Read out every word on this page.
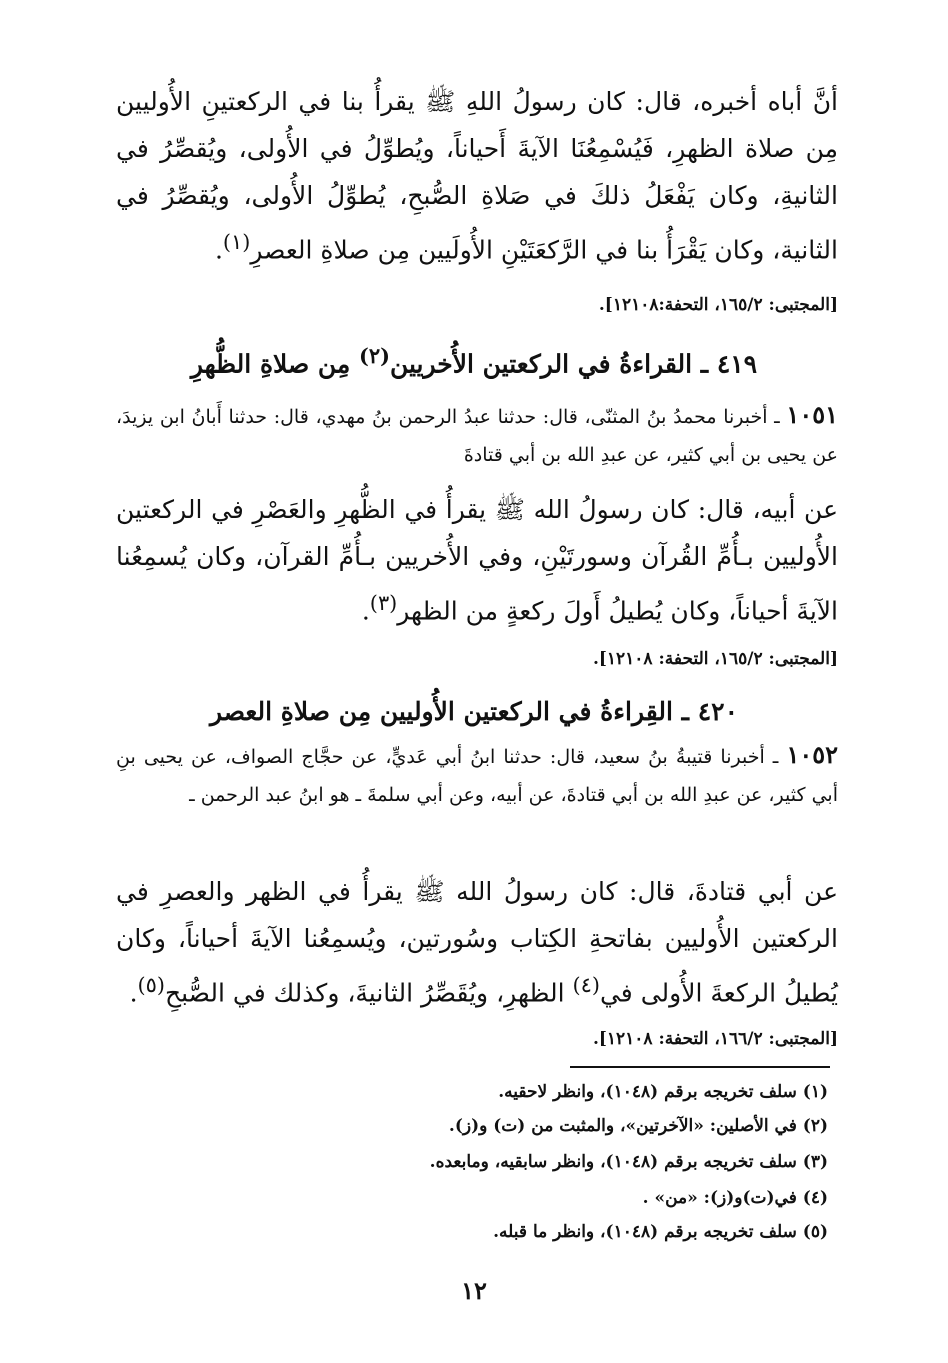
أنَّ أباه أخبره، قال: كان رسولُ اللهِ ﷺ يقرأُ بنا في الركعتينِ الأُوليين مِن صلاة الظهرِ، فَيُسْمِعُنَا الآيةَ أَحياناً، ويُطوِّلُ في الأُولى، ويُقصِّرُ في الثانيةِ، وكان يَفْعَلُ ذلكَ في صَلاةِ الصُّبحِ، يُطوِّلُ الأُولى، ويُقصِّرُ في الثانية، وكان يَقْرَأُ بنا في الرَّكعَتَيْنِ الأُولَيين مِن صلاةِ العصرِ$^{(١)}$.
[المجتبى: ١٦٥/٢، التحفة:١٢١٠٨].
٤١٩ ـ القراءةُ في الركعتين الأُخريين$^{(٢)}$ مِن صلاةِ الظُّهرِ
١٠٥١ ـ أخبرنا محمدُ بنُ المثنّى، قال: حدثنا عبدُ الرحمن بنُ مهدي، قال: حدثنا أَبانُ ابن يزيدَ، عن يحيى بن أبي كثير، عن عبدِ الله بن أبي قتادةَ
عن أبيه، قال: كان رسولُ الله ﷺ يقرأُ في الظُّهرِ والعَصْرِ في الركعتين الأُوليين بـأُمِّ القُرآن وسورتَيْنِ، وفي الأُخريين بـأُمِّ القرآن، وكان يُسمِعُنا الآيةَ أحياناً، وكان يُطيلُ أَولَ ركعةٍ من الظهر$^{(٣)}$.
[المجتبى: ١٦٥/٢، التحفة: ١٢١٠٨].
٤٢٠ ـ القِراءةُ في الركعتين الأُوليين مِن صلاةِ العصر
١٠٥٢ ـ أخبرنا قتيبةُ بنُ سعيد، قال: حدثنا ابنُ أبي عَديٍّ، عن حجَّاج الصواف، عن يحيى بنِ أبي كثير، عن عبدِ الله بن أبي قتادةَ، عن أبيه، وعن أبي سلمةَ ـ هو ابنُ عبد الرحمن ـ
عن أبي قتادةَ، قال: كان رسولُ الله ﷺ يقرأُ في الظهر والعصرِ في الركعتين الأُوليين بفاتحةِ الكِتاب وسُورتين، ويُسمِعُنا الآيةَ أحياناً، وكان يُطيلُ الركعةَ الأُولى في$^{(٤)}$ الظهرِ، ويُقَصِّرُ الثانيةَ، وكذلك في الصُّبحِ$^{(٥)}$.
[المجتبى: ١٦٦/٢، التحفة: ١٢١٠٨].
(١) سلف تخريجه برقم (١٠٤٨)، وانظر لاحقيه.
(٢) في الأصلين: «الآخرتين»، والمثبت من (ت) و(ز).
(٣) سلف تخريجه برقم (١٠٤٨)، وانظر سابقيه، ومابعده.
(٤) في(ت)و(ز): «من» .
(٥) سلف تخريجه برقم (١٠٤٨)، وانظر ما قبله.
١٢
